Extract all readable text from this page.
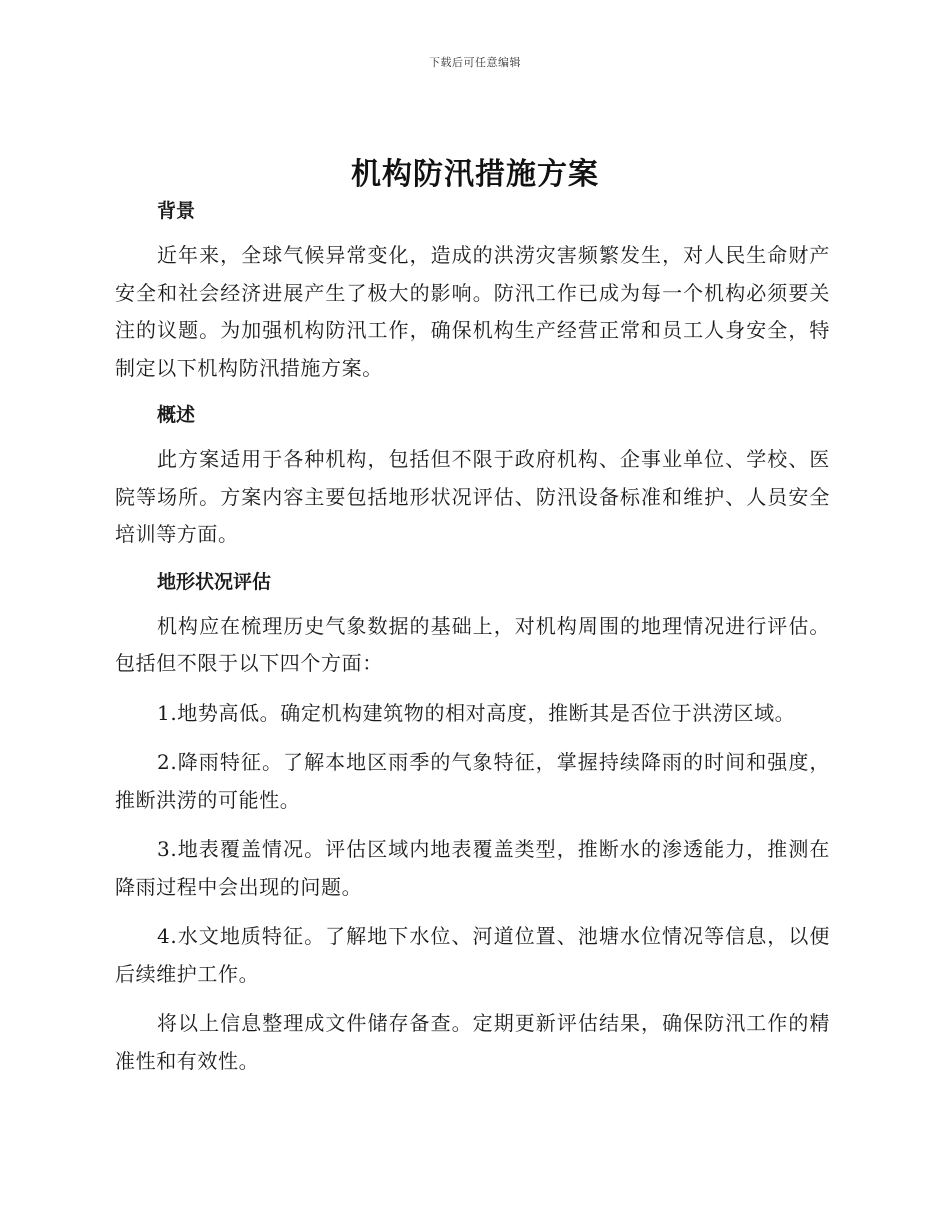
下载后可任意编辑
机构防汛措施方案
背景

近年来，全球气候异常变化，造成的洪涝灾害频繁发生，对人民生命财产安全和社会经济进展产生了极大的影响。防汛工作已成为每一个机构必须要关注的议题。为加强机构防汛工作，确保机构生产经营正常和员工人身安全，特制定以下机构防汛措施方案。

概述

此方案适用于各种机构，包括但不限于政府机构、企事业单位、学校、医院等场所。方案内容主要包括地形状况评估、防汛设备标准和维护、人员安全培训等方面。

地形状况评估

机构应在梳理历史气象数据的基础上，对机构周围的地理情况进行评估。包括但不限于以下四个方面：

1.地势高低。确定机构建筑物的相对高度，推断其是否位于洪涝区域。

2.降雨特征。了解本地区雨季的气象特征，掌握持续降雨的时间和强度，推断洪涝的可能性。

3.地表覆盖情况。评估区域内地表覆盖类型，推断水的渗透能力，推测在降雨过程中会出现的问题。

4.水文地质特征。了解地下水位、河道位置、池塘水位情况等信息，以便后续维护工作。

将以上信息整理成文件储存备查。定期更新评估结果，确保防汛工作的精准性和有效性。
